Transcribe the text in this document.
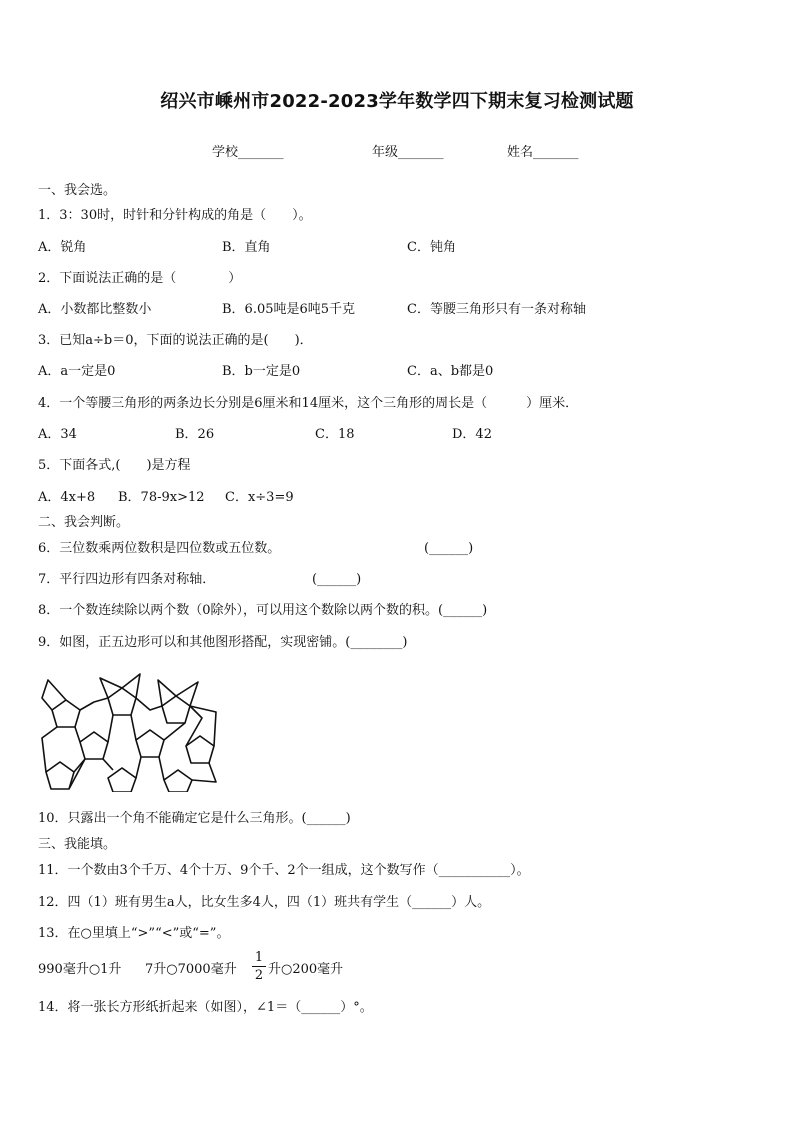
绍兴市嵊州市2022-2023学年数学四下期末复习检测试题
学校_______	年级_______	姓名_______
一、我会选。
1．3：30时，时针和分针构成的角是（　　）。
A．锐角	B．直角	C．钝角
2．下面说法正确的是（　　　　）
A．小数都比整数小	B．6.05吨是6吨5千克	C．等腰三角形只有一条对称轴
3．已知a÷b＝0，下面的说法正确的是(　　)．
A．a一定是0	B．b一定是0	C．a、b都是0
4．一个等腰三角形的两条边长分别是6厘米和14厘米，这个三角形的周长是（　　　）厘米．
A．34	B．26	C．18	D．42
5．下面各式,(　　)是方程
A．4x+8 B．78-9x>12 C．x÷3=9
二、我会判断。
6．三位数乘两位数积是四位数或五位数。	(______)
7．平行四边形有四条对称轴．	(______)
8．一个数连续除以两个数（0除外），可以用这个数除以两个数的积。(______)
9．如图，正五边形可以和其他图形搭配，实现密铺。(________)
10．只露出一个角不能确定它是什么三角形。(______)
三、我能填。
11．一个数由3个千万、4个十万、9个千、2个一组成，这个数写作（___________）。
12．四（1）班有男生a人，比女生多4人，四（1）班共有学生（______）人。
13．在○里填上“>”“<”或“=”。
990毫升○1升 7升○7000毫升
1
2 升○200毫升
14．将一张长方形纸折起来（如图），∠1＝（______）°。
